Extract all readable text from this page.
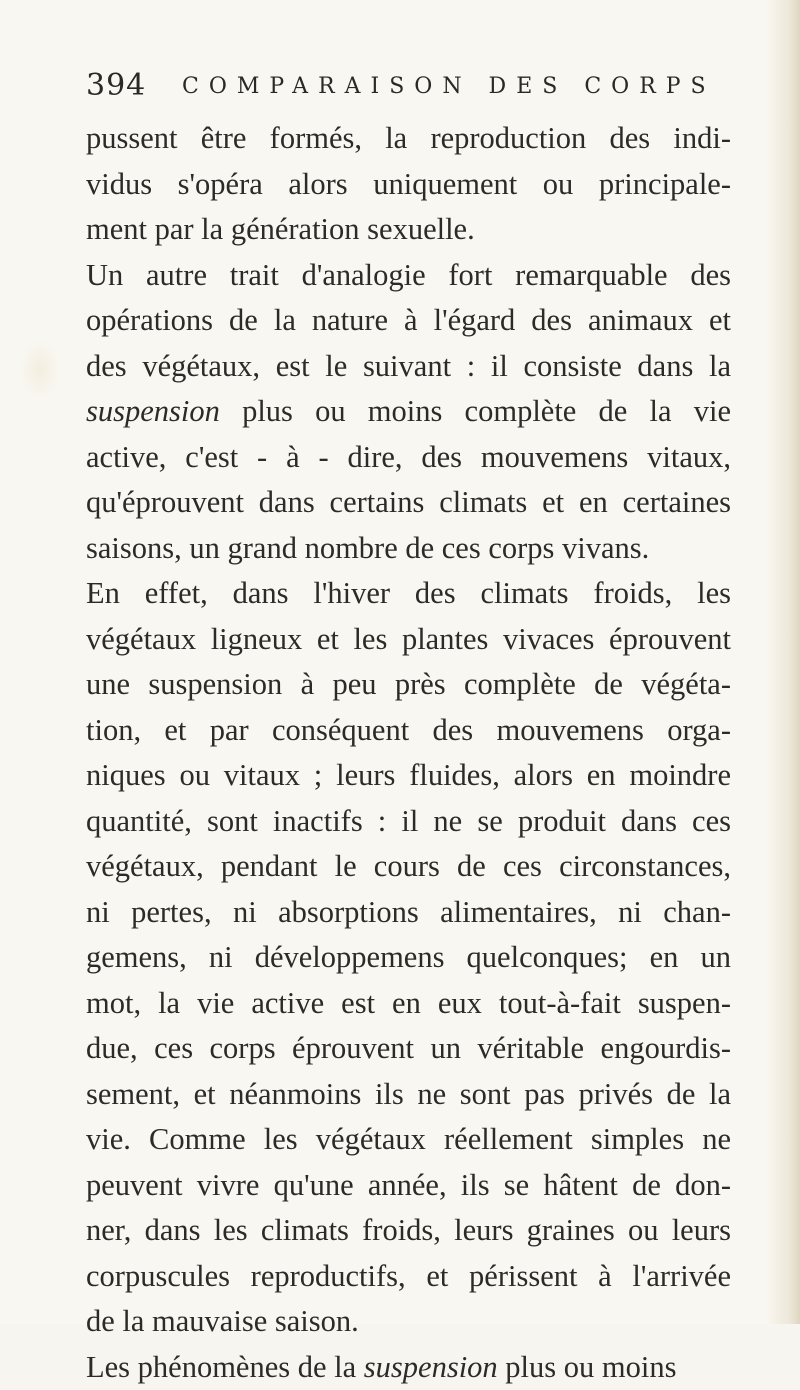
394 COMPARAISON DES CORPS
pussent être formés, la reproduction des indi-
vidus s'opéra alors uniquement ou principale-
ment par la génération sexuelle.
Un autre trait d'analogie fort remarquable des
opérations de la nature à l'égard des animaux et
des végétaux, est le suivant : il consiste dans la
suspension plus ou moins complète de la vie
active, c'est - à - dire, des mouvemens vitaux,
qu'éprouvent dans certains climats et en certaines
saisons, un grand nombre de ces corps vivans.
En effet, dans l'hiver des climats froids, les
végétaux ligneux et les plantes vivaces éprouvent
une suspension à peu près complète de végéta-
tion, et par conséquent des mouvemens orga-
niques ou vitaux ; leurs fluides, alors en moindre
quantité, sont inactifs : il ne se produit dans ces
végétaux, pendant le cours de ces circonstances,
ni pertes, ni absorptions alimentaires, ni chan-
gemens, ni développemens quelconques; en un
mot, la vie active est en eux tout-à-fait suspen-
due, ces corps éprouvent un véritable engourdis-
sement, et néanmoins ils ne sont pas privés de la
vie. Comme les végétaux réellement simples ne
peuvent vivre qu'une année, ils se hâtent de don-
ner, dans les climats froids, leurs graines ou leurs
corpuscules reproductifs, et périssent à l'arrivée
de la mauvaise saison.
Les phénomènes de la suspension plus ou moins
